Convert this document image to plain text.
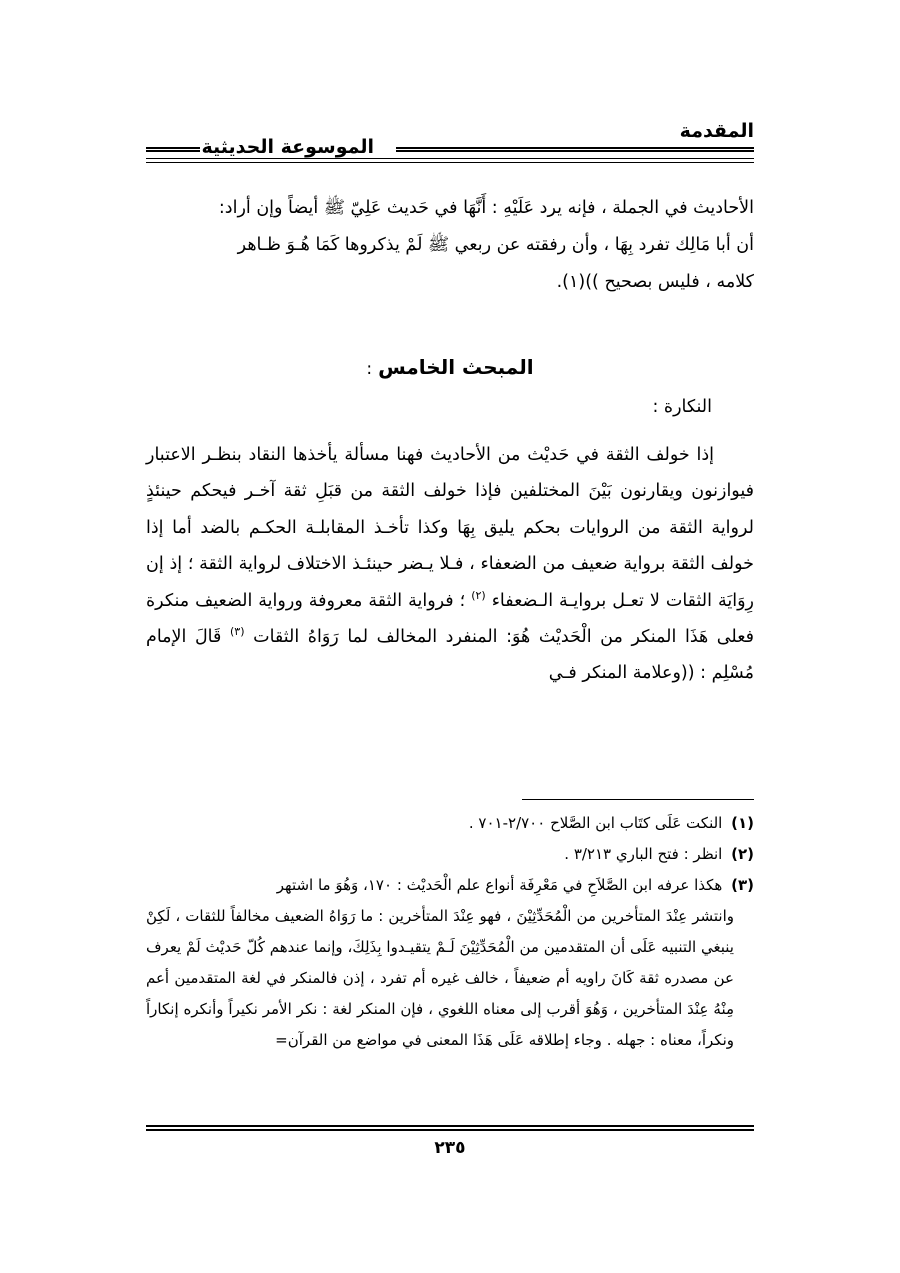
المقدمة
الموسوعة الحديثية

الأحاديث في الجملة ، فإنه يرد عَلَيْهِ : أَنَّهَا في حَديث عَلِيّ ﷺ أيضاً وإن أراد:

أن أبا مَالِك تفرد بِهَا ، وأن رفقته عن ربعي ﷺ لَمْ يذكروها كَمَا هُـوَ ظـاهر

كلامه ، فليس بصحيح ))(١).

المبحث الخامس:
النكارة :
إذا خولف الثقة في حَديْث من الأحاديث فهنا مسألة يأخذها النقاد بنظـر الاعتبار فيوازنون ويقارنون بَيْنَ المختلفين فإذا خولف الثقة من قبَلِ ثقة آخـر فيحكم حينئذٍ لرواية الثقة من الروايات بحكم يليق بِهَا وكذا تأخـذ المقابلـة الحكـم بالضد أما إذا خولف الثقة برواية ضعيف من الضعفاء ، فـلا يـضر حينئـذ الاختلاف لرواية الثقة ؛ إذ إن رِوَايَة الثقات لا تعـل بروايـة الـضعفاء $^{(٢)}$ ؛ فرواية الثقة معروفة ورواية الضعيف منكرة فعلى هَذَا المنكر من الْحَديْث هُوَ: المنفرد المخالف لما رَوَاهُ الثقات $^{(٣)}$ قَالَ الإمام مُسْلِم : ((وعلامة المنكر فـي

(١) النكت عَلَى كتَاب ابن الصَّلاح ٢/٧٠٠-٧٠١ .

(٢) انظر : فتح الباري ٣/٢١٣ .

(٣) هكذا عرفه ابن الصَّلاَحِ في مَعْرِفَة أنواع علم الْحَديْث : ١٧٠، وَهُوَ ما اشتهر

وانتشر عِنْدَ المتأخرين من الْمُحَدِّثِيْنَ ، فهو عِنْدَ المتأخرين : ما رَوَاهُ الضعيف مخالفاً للثقات ، لَكِنْ ينبغي التنبيه عَلَى أن المتقدمين من الْمُحَدِّثِيْنَ لَـمْ يتقيـدوا بِذَلِكَ، وإنما عندهم كُلّ حَديْث لَمْ يعرف عن مصدره ثقة كَانَ راويه أم ضعيفاً ، خالف غيره أم تفرد ، إذن فالمنكر في لغة المتقدمين أعم مِنْهُ عِنْدَ المتأخرين ، وَهُوَ أقرب إلى معناه اللغوي ، فإن المنكر لغة : نكر الأمر نكيراً وأنكره إنكاراً ونكراً، معناه : جهله . وجاء إطلاقه عَلَى هَذَا المعنى في مواضع من القرآن=

٢٣٥
